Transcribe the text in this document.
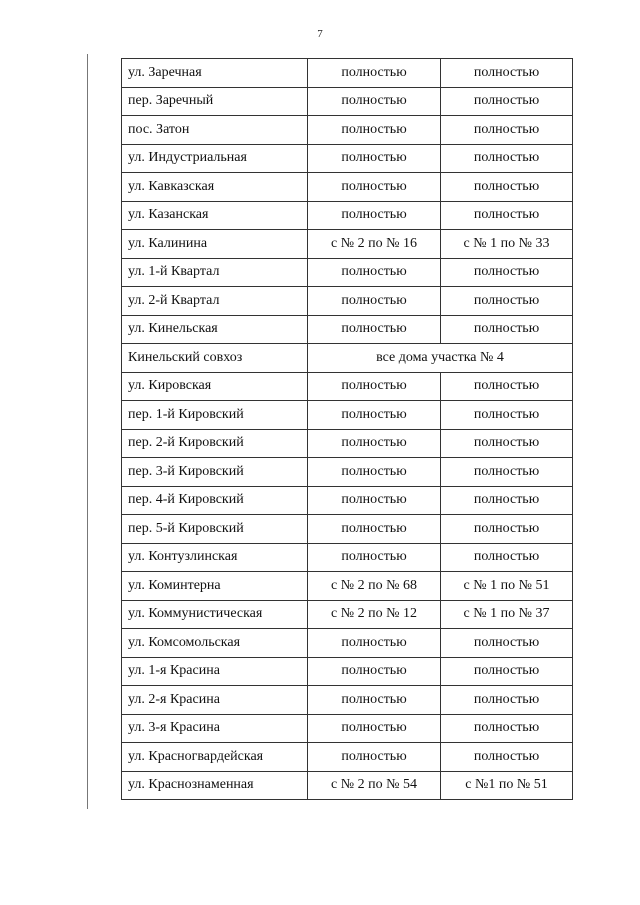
7
ул. Заречная	полностью	полностью
пер. Заречный	полностью	полностью
пос. Затон	полностью	полностью
ул. Индустриальная	полностью	полностью
ул. Кавказская	полностью	полностью
ул. Казанская	полностью	полностью
ул. Калинина	с № 2 по № 16	с № 1 по № 33
ул. 1-й Квартал	полностью	полностью
ул. 2-й Квартал	полностью	полностью
ул. Кинельская	полностью	полностью
Кинельский совхоз	все дома участка № 4	
ул. Кировская	полностью	полностью
пер. 1-й Кировский	полностью	полностью
пер. 2-й Кировский	полностью	полностью
пер. 3-й Кировский	полностью	полностью
пер. 4-й Кировский	полностью	полностью
пер. 5-й Кировский	полностью	полностью
ул. Контузлинская	полностью	полностью
ул. Коминтерна	с № 2 по № 68	с № 1 по № 51
ул. Коммунистическая	с № 2 по № 12	с № 1 по № 37
ул. Комсомольская	полностью	полностью
ул. 1-я Красина	полностью	полностью
ул. 2-я Красина	полностью	полностью
ул. 3-я Красина	полностью	полностью
ул. Красногвардейская	полностью	полностью
ул. Краснознаменная	с № 2 по № 54	с №1 по № 51
